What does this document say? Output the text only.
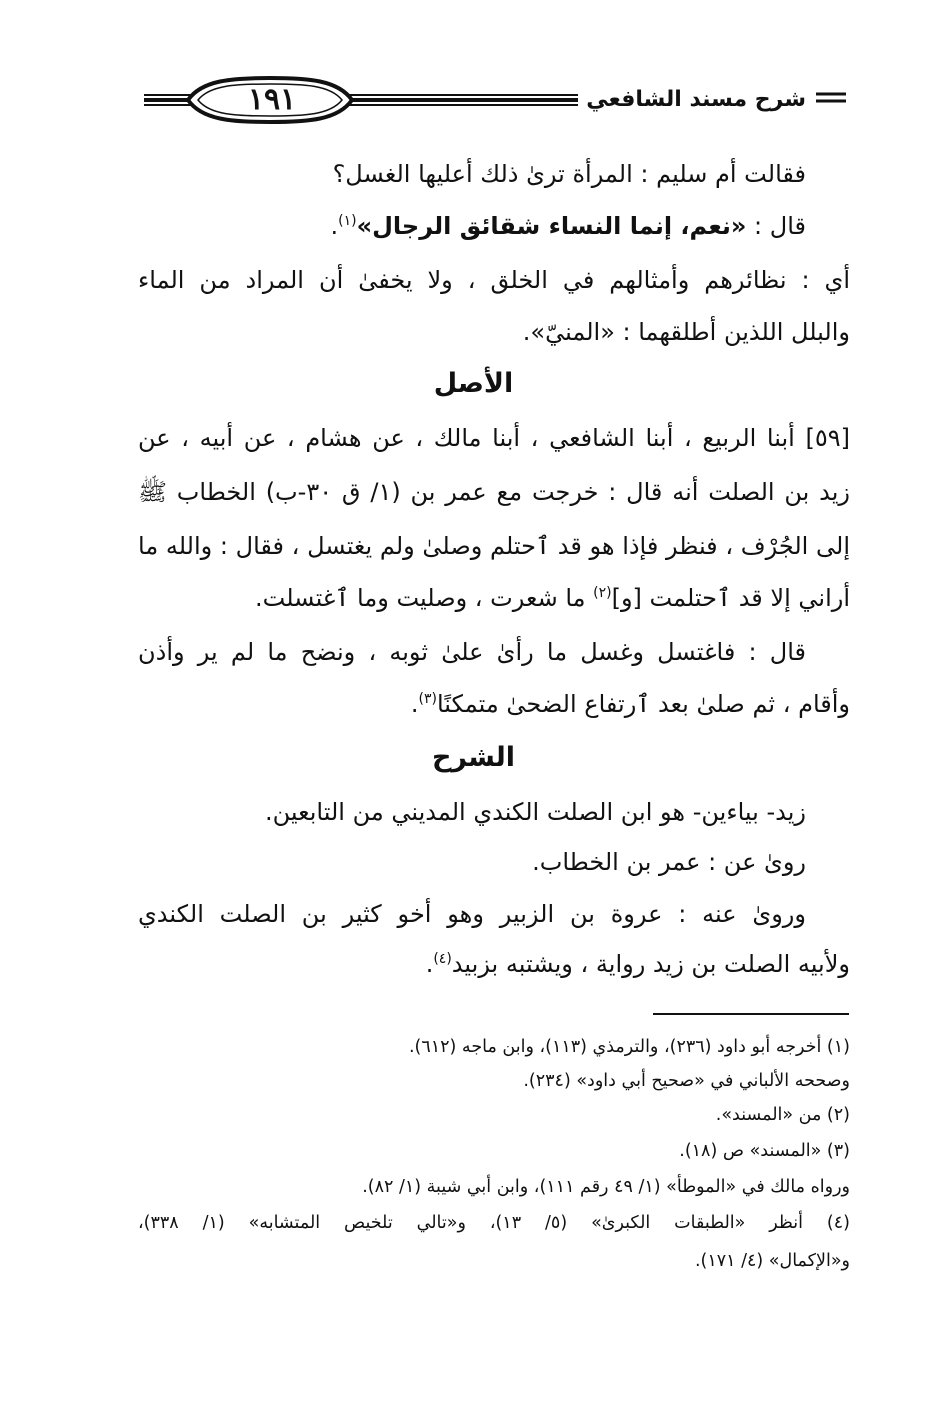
١٩١	شرح مسند الشافعي
فقالت أم سليم : المرأة ترىٰ ذلك أعليها الغسل؟
قال : «نعم، إنما النساء شقائق الرجال»$^{(١)}$.
أي : نظائرهم وأمثالهم في الخلق ، ولا يخفىٰ أن المراد من الماء
والبلل اللذين أطلقهما : «المنيّ».
الأصل
[٥٩] أبنا الربيع ، أبنا الشافعي ، أبنا مالك ، عن هشام ، عن أبيه ، عن
زيد بن الصلت أنه قال : خرجت مع عمر بن (١/ ق ٣٠-ب) الخطاب ﷺ
إلى الجُرْف ، فنظر فإذا هو قد ٱحتلم وصلىٰ ولم يغتسل ، فقال : والله ما
أراني إلا قد ٱحتلمت [و]$^{(٢)}$ ما شعرت ، وصليت وما ٱغتسلت.
قال : فاغتسل وغسل ما رأىٰ علىٰ ثوبه ، ونضح ما لم ير وأذن
وأقام ، ثم صلىٰ بعد ٱرتفاع الضحىٰ متمكنًا$^{(٣)}$.
الشرح
زيد- بياءين- هو ابن الصلت الكندي المديني من التابعين.
روىٰ عن : عمر بن الخطاب.
وروىٰ عنه : عروة بن الزبير وهو أخو كثير بن الصلت الكندي
ولأبيه الصلت بن زيد رواية ، ويشتبه بزبيد$^{(٤)}$.
(١) أخرجه أبو داود (٢٣٦)، والترمذي (١١٣)، وابن ماجه (٦١٢).
وصححه الألباني في «صحيح أبي داود» (٢٣٤).
(٢) من «المسند».
(٣) «المسند» ص (١٨).
ورواه مالك في «الموطأ» (١/ ٤٩ رقم ١١١)، وابن أبي شيبة (١/ ٨٢).
(٤) أنظر «الطبقات الكبرىٰ» (٥/ ١٣)، و«تالي تلخيص المتشابه» (١/ ٣٣٨)،
و«الإكمال» (٤/ ١٧١).
